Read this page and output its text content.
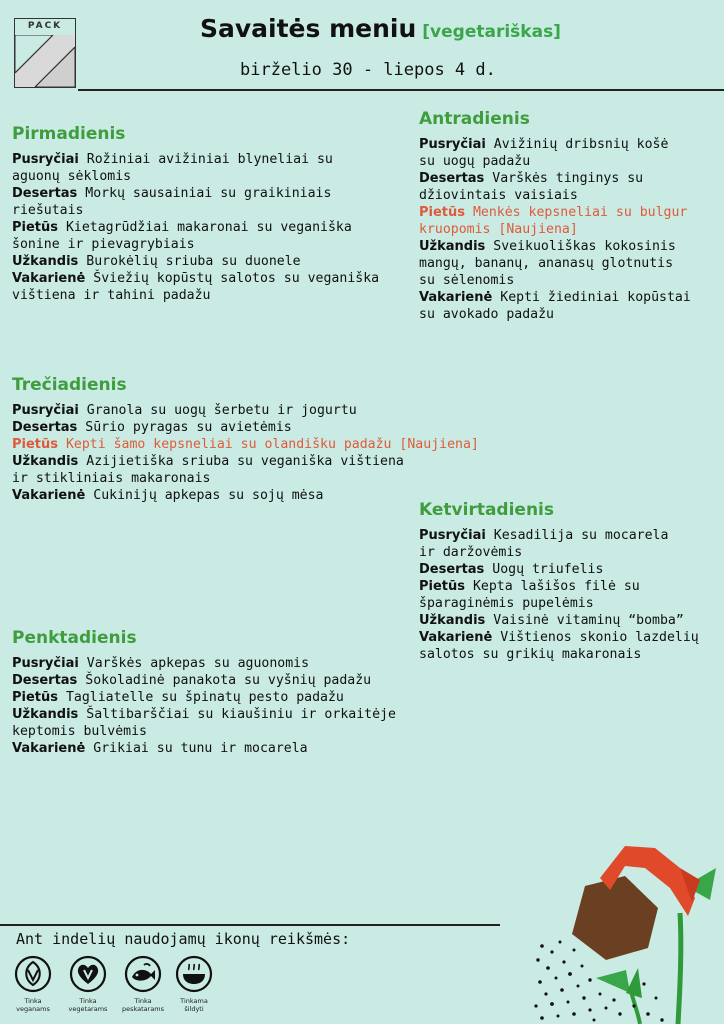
PACK	Savaitės meniu [vegetariškas]
birželio 30 - liepos 4 d.
Pirmadienis
Pusryčiai Rožiniai avižiniai blyneliai su
aguonų sėklomis
Desertas Morkų sausainiai su graikiniais
riešutais
Pietūs Kietagrūdžiai makaronai su veganiška
šonine ir pievagrybiais
Užkandis Burokėlių sriuba su duonele
Vakarienė Šviežių kopūstų salotos su veganiška
vištiena ir tahini padažu
Antradienis
Pusryčiai Avižinių dribsnių košė
su uogų padažu
Desertas Varškės tinginys su
džiovintais vaisiais
Pietūs Menkės kepsneliai su bulgur
kruopomis [Naujiena]
Užkandis Sveikuoliškas kokosinis
mangų, bananų, ananasų glotnutis
su sėlenomis
Vakarienė Kepti žiediniai kopūstai
su avokado padažu
Trečiadienis
Pusryčiai Granola su uogų šerbetu ir jogurtu
Desertas Sūrio pyragas su avietėmis
Pietūs Kepti šamo kepsneliai su olandišku padažu [Naujiena]
Užkandis Azijietiška sriuba su veganiška vištiena
ir stikliniais makaronais
Vakarienė Cukinijų apkepas su sojų mėsa
Ketvirtadienis
Pusryčiai Kesadilija su mocarela
ir daržovėmis
Desertas Uogų triufelis
Pietūs Kepta lašišos filė su
šparaginėmis pupelėmis
Užkandis Vaisinė vitaminų “bomba”
Vakarienė Vištienos skonio lazdelių
salotos su grikių makaronais
Penktadienis
Pusryčiai Varškės apkepas su aguonomis
Desertas Šokoladinė panakota su vyšnių padažu
Pietūs Tagliatelle su špinatų pesto padažu
Užkandis Šaltibarščiai su kiaušiniu ir orkaitėje
keptomis bulvėmis
Vakarienė Grikiai su tunu ir mocarela
Ant indelių naudojamų ikonų reikšmės:
Tinka
veganams
Tinka
vegetarams
Tinka
peskatarams
Tinkama
šildyti
